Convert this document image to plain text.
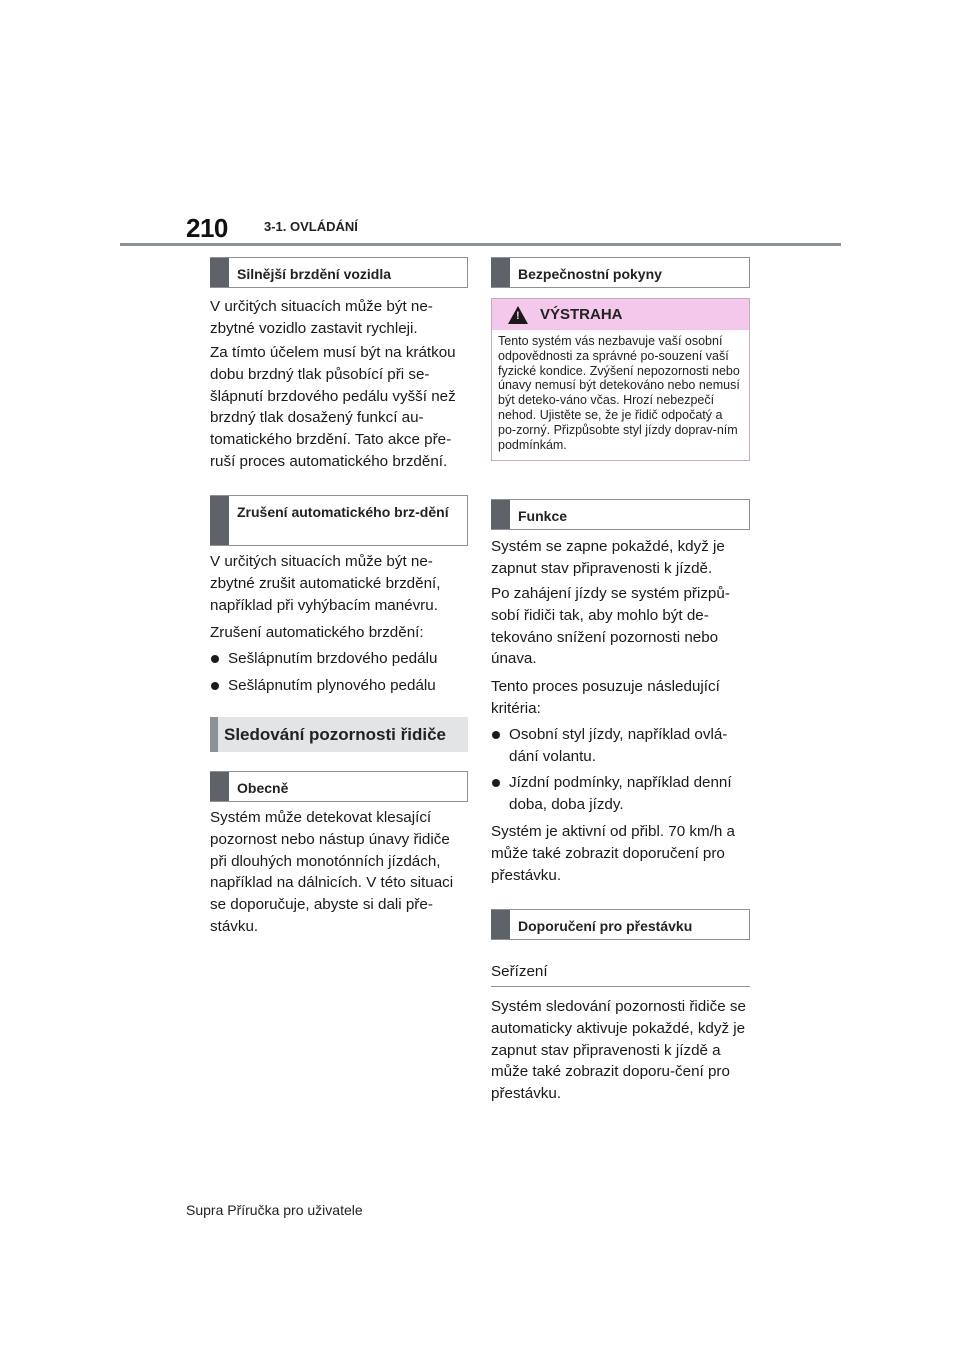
210	3-1. OVLÁDÁNÍ
Silnější brzdění vozidla
V určitých situacích může být ne-zbytné vozidlo zastavit rychleji.
Za tímto účelem musí být na krátkou dobu brzdný tlak působící při se-šlápnutí brzdového pedálu vyšší než brzdný tlak dosažený funkcí au-tomatického brzdění. Tato akce pře-ruší proces automatického brzdění.
Zrušení automatického brz-dění
V určitých situacích může být ne-zbytné zrušit automatické brzdění, například při vyhýbacím manévru.
Zrušení automatického brzdění:
Sešlápnutím brzdového pedálu
Sešlápnutím plynového pedálu
Sledování pozornosti řidiče
Obecně
Systém může detekovat klesající pozornost nebo nástup únavy řidiče při dlouhých monotónních jízdách, například na dálnicích. V této situaci se doporučuje, abyste si dali pře-stávku.
Bezpečnostní pokyny
! VÝSTRAHA
Tento systém vás nezbavuje vaší osobní odpovědnosti za správné po-souzení vaší fyzické kondice. Zvýšení nepozornosti nebo únavy nemusí být detekováno nebo nemusí být deteko-váno včas. Hrozí nebezpečí nehod. Ujistěte se, že je řidič odpočatý a po-zorný. Přizpůsobte styl jízdy doprav-ním podmínkám.
Funkce
Systém se zapne pokaždé, když je zapnut stav připravenosti k jízdě.
Po zahájení jízdy se systém přizpů-sobí řidiči tak, aby mohlo být de-tekováno snížení pozornosti nebo únava.
Tento proces posuzuje následující kritéria:
Osobní styl jízdy, například ovlá-dání volantu.
Jízdní podmínky, například denní doba, doba jízdy.
Systém je aktivní od přibl. 70 km/h a může také zobrazit doporučení pro přestávku.
Doporučení pro přestávku
Seřízení
Systém sledování pozornosti řidiče se automaticky aktivuje pokaždé, když je zapnut stav připravenosti k jízdě a může také zobrazit doporu-čení pro přestávku.
Supra Příručka pro uživatele
